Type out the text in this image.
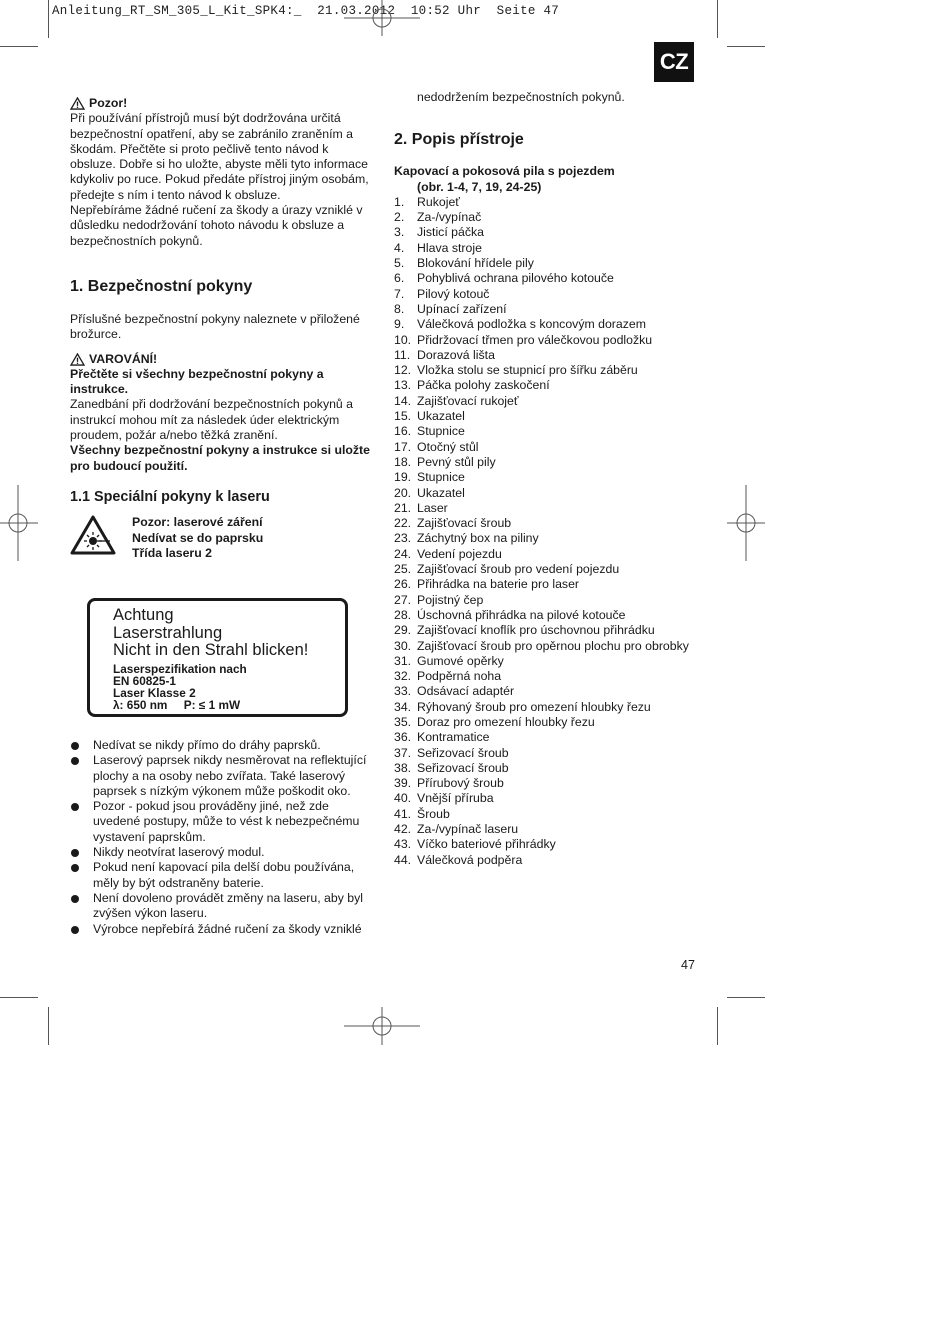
Anleitung_RT_SM_305_L_Kit_SPK4:_  21.03.2012  10:52 Uhr  Seite 47
CZ
Pozor!

Při používání přístrojů musí být dodržována určitá bezpečnostní opatření, aby se zabránilo zraněním a škodám. Přečtěte si proto pečlivě tento návod k obsluze. Dobře si ho uložte, abyste měli tyto informace kdykoliv po ruce. Pokud předáte přístroj jiným osobám, předejte s ním i tento návod k obsluze.

Nepřebíráme žádné ručení za škody a úrazy vzniklé v důsledku nedodržování tohoto návodu k obsluze a bezpečnostních pokynů.

1. Bezpečnostní pokyny

Příslušné bezpečnostní pokyny naleznete v přiložené brožurce.

VAROVÁNÍ!

Přečtěte si všechny bezpečnostní pokyny a instrukce.

Zanedbání při dodržování bezpečnostních pokynů a instrukcí mohou mít za následek úder elektrickým proudem, požár a/nebo těžká zranění.

Všechny bezpečnostní pokyny a instrukce si uložte pro budoucí použití.

1.1 Speciální pokyny k laseru
Pozor: laserové záření
Nedívat se do paprsku
Třída laseru 2
Achtung
Laserstrahlung
Nicht in den Strahl blicken!
Laserspezifikation nach
EN 60825-1
Laser Klasse 2
λ: 650 nm     P: ≤ 1 mW
Nedívat se nikdy přímo do dráhy paprsků.
Laserový paprsek nikdy nesměrovat na reflektující plochy a na osoby nebo zvířata. Také laserový paprsek s nízkým výkonem může poškodit oko.
Pozor - pokud jsou prováděny jiné, než zde uvedené postupy, může to vést k nebezpečnému vystavení paprskům.
Nikdy neotvírat laserový modul.
Pokud není kapovací pila delší dobu používána, měly by být odstraněny baterie.
Není dovoleno provádět změny na laseru, aby byl zvýšen výkon laseru.
Výrobce nepřebírá žádné ručení za škody vzniklé

nedodržením bezpečnostních pokynů.

2. Popis přístroje

Kapovací a pokosová pila s pojezdem

(obr. 1-4, 7, 19, 24-25)

1.	Rukojeť
2.	Za-/vypínač
3.	Jisticí páčka
4.	Hlava stroje
5.	Blokování hřídele pily
6.	Pohyblivá ochrana pilového kotouče
7.	Pilový kotouč
8.	Upínací zařízení
9.	Válečková podložka s koncovým dorazem
10. Přidržovací třmen pro válečkovou podložku
11. Dorazová lišta
12. Vložka stolu se stupnicí pro šířku záběru
13. Páčka polohy zaskočení
14. Zajišťovací rukojeť
15. Ukazatel
16. Stupnice
17. Otočný stůl
18. Pevný stůl pily
19. Stupnice
20. Ukazatel
21. Laser
22. Zajišťovací šroub
23. Záchytný box na piliny
24. Vedení pojezdu
25. Zajišťovací šroub pro vedení pojezdu
26. Přihrádka na baterie pro laser
27. Pojistný čep
28. Úschovná přihrádka na pilové kotouče
29. Zajišťovací knoflík pro úschovnou přihrádku
30. Zajišťovací šroub pro opěrnou plochu pro obrobky
31. Gumové opěrky
32. Podpěrná noha
33. Odsávací adaptér
34. Rýhovaný šroub pro omezení hloubky řezu
35. Doraz pro omezení hloubky řezu
36. Kontramatice
37. Seřizovací šroub
38. Seřizovací šroub
39. Přírubový šroub
40. Vnější příruba
41. Šroub
42. Za-/vypínač laseru
43. Víčko bateriové přihrádky
44. Válečková podpěra
47
